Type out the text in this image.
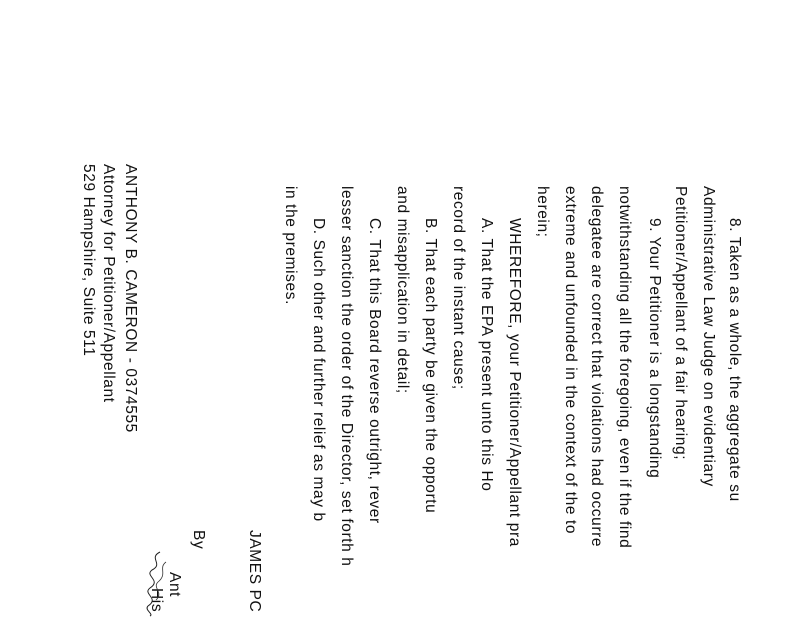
8. Taken as a whole, the aggregate su
Administrative Law Judge on evidentiary
Petitioner/Appellant of a fair hearing;
9. Your Petitioner is a longstanding
notwithstanding all the foregoing, even if the find
delegatee are correct that violations had occurre
extreme and unfounded in the context of the to
herein;
WHEREFORE, your Petitioner/Appellant pra
A. That the EPA present unto this Ho
record of the instant cause;
B. That each party be given the opportu
and misapplication in detail;
C. That this Board reverse outright, rever
lesser sanction the order of the Director, set forth h
D. Such other and further relief as may b
in the premises.
JAMES PC
By
Ant
His
ANTHONY B. CAMERON - 0374555
Attorney for Petitioner/Appellant
529 Hampshire, Suite 511
